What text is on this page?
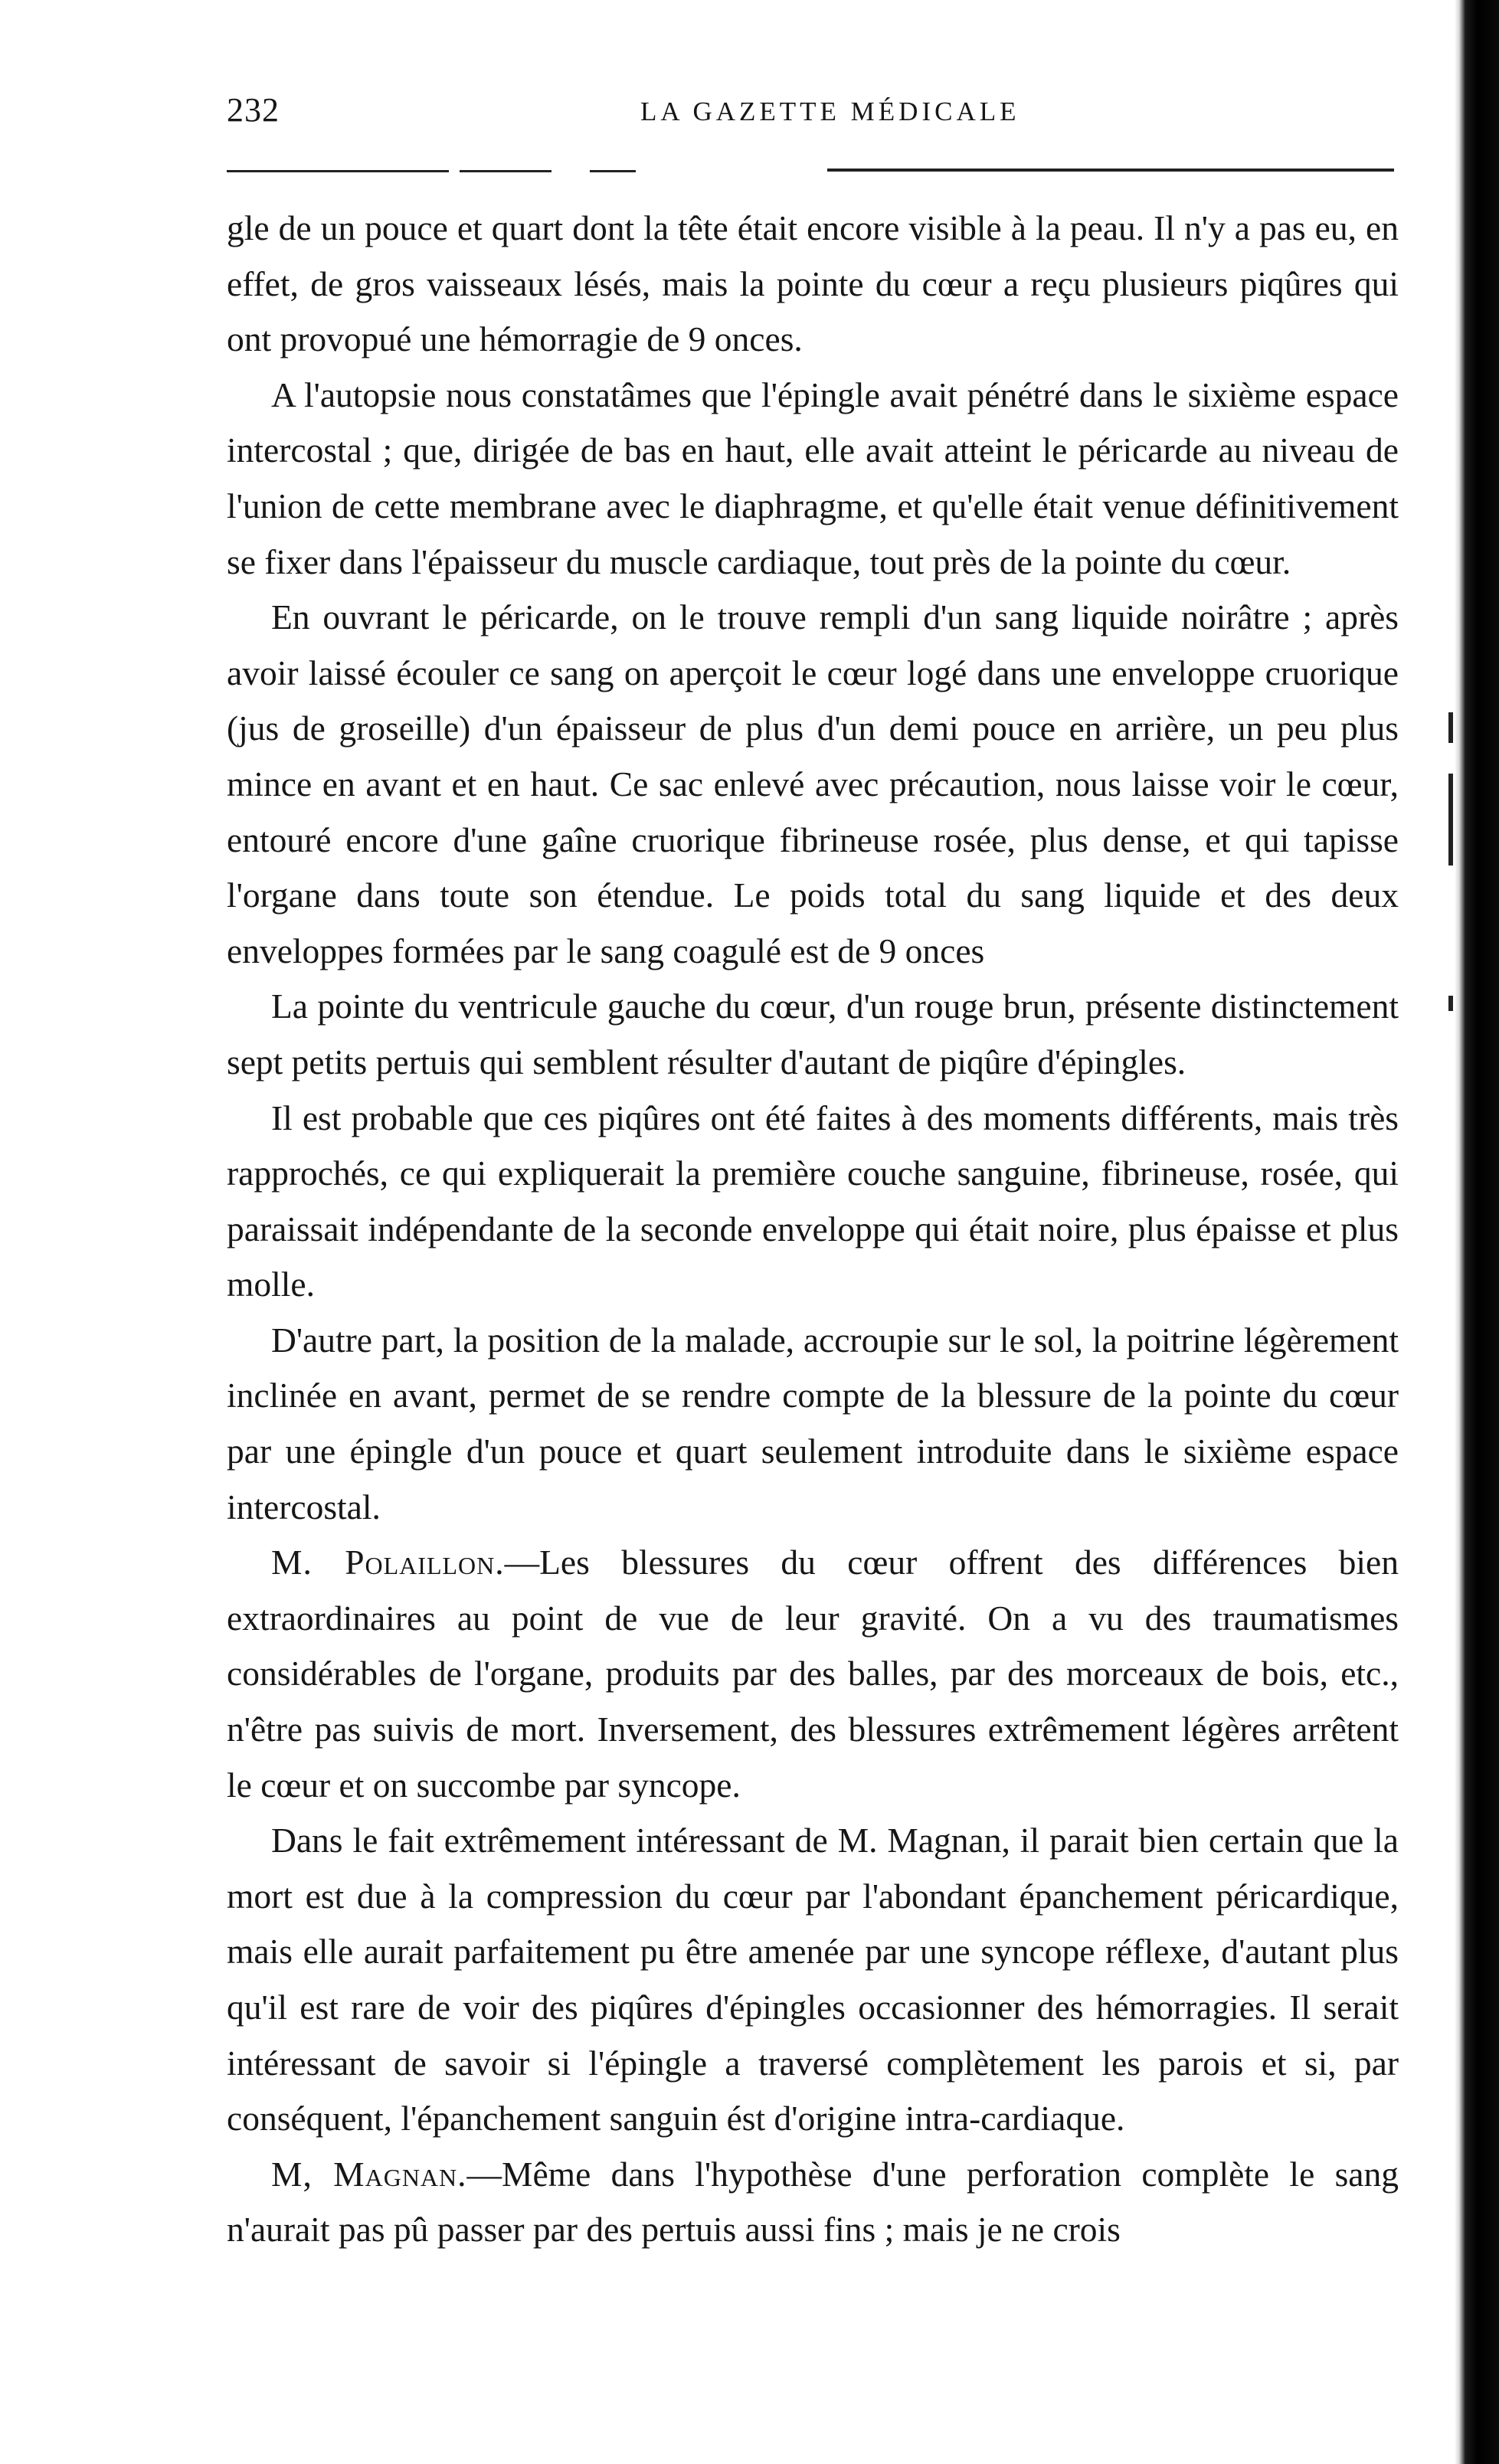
232	LA GAZETTE MÉDICALE

gle de un pouce et quart dont la tête était encore visible à la peau. Il n'y a pas eu, en effet, de gros vaisseaux lésés, mais la pointe du cœur a reçu plusieurs piqûres qui ont provopué une hémorragie de 9 onces.

A l'autopsie nous constatâmes que l'épingle avait pénétré dans le sixième espace intercostal ; que, dirigée de bas en haut, elle avait atteint le péricarde au niveau de l'union de cette membrane avec le diaphragme, et qu'elle était venue définitivement se fixer dans l'épaisseur du muscle cardiaque, tout près de la pointe du cœur.

En ouvrant le péricarde, on le trouve rempli d'un sang liquide noirâtre ; après avoir laissé écouler ce sang on aperçoit le cœur logé dans une enveloppe cruorique (jus de groseille) d'un épaisseur de plus d'un demi pouce en arrière, un peu plus mince en avant et en haut. Ce sac enlevé avec précaution, nous laisse voir le cœur, entouré encore d'une gaîne cruorique fibrineuse rosée, plus dense, et qui tapisse l'organe dans toute son étendue. Le poids total du sang liquide et des deux enveloppes formées par le sang coagulé est de 9 onces

La pointe du ventricule gauche du cœur, d'un rouge brun, présente distinctement sept petits pertuis qui semblent résulter d'autant de piqûre d'épingles.

Il est probable que ces piqûres ont été faites à des moments différents, mais très rapprochés, ce qui expliquerait la première couche sanguine, fibrineuse, rosée, qui paraissait indépendante de la seconde enveloppe qui était noire, plus épaisse et plus molle.

D'autre part, la position de la malade, accroupie sur le sol, la poitrine légèrement inclinée en avant, permet de se rendre compte de la blessure de la pointe du cœur par une épingle d'un pouce et quart seulement introduite dans le sixième espace intercostal.

M. Polaillon.—Les blessures du cœur offrent des différences bien extraordinaires au point de vue de leur gravité. On a vu des traumatismes considérables de l'organe, produits par des balles, par des morceaux de bois, etc., n'être pas suivis de mort. Inversement, des blessures extrêmement légères arrêtent le cœur et on succombe par syncope.

Dans le fait extrêmement intéressant de M. Magnan, il parait bien certain que la mort est due à la compression du cœur par l'abondant épanchement péricardique, mais elle aurait parfaitement pu être amenée par une syncope réflexe, d'autant plus qu'il est rare de voir des piqûres d'épingles occasionner des hémorragies. Il serait intéressant de savoir si l'épingle a traversé complètement les parois et si, par conséquent, l'épanchement sanguin ést d'origine intra-cardiaque.

M, Magnan.—Même dans l'hypothèse d'une perforation complète le sang n'aurait pas pû passer par des pertuis aussi fins ; mais je ne crois
